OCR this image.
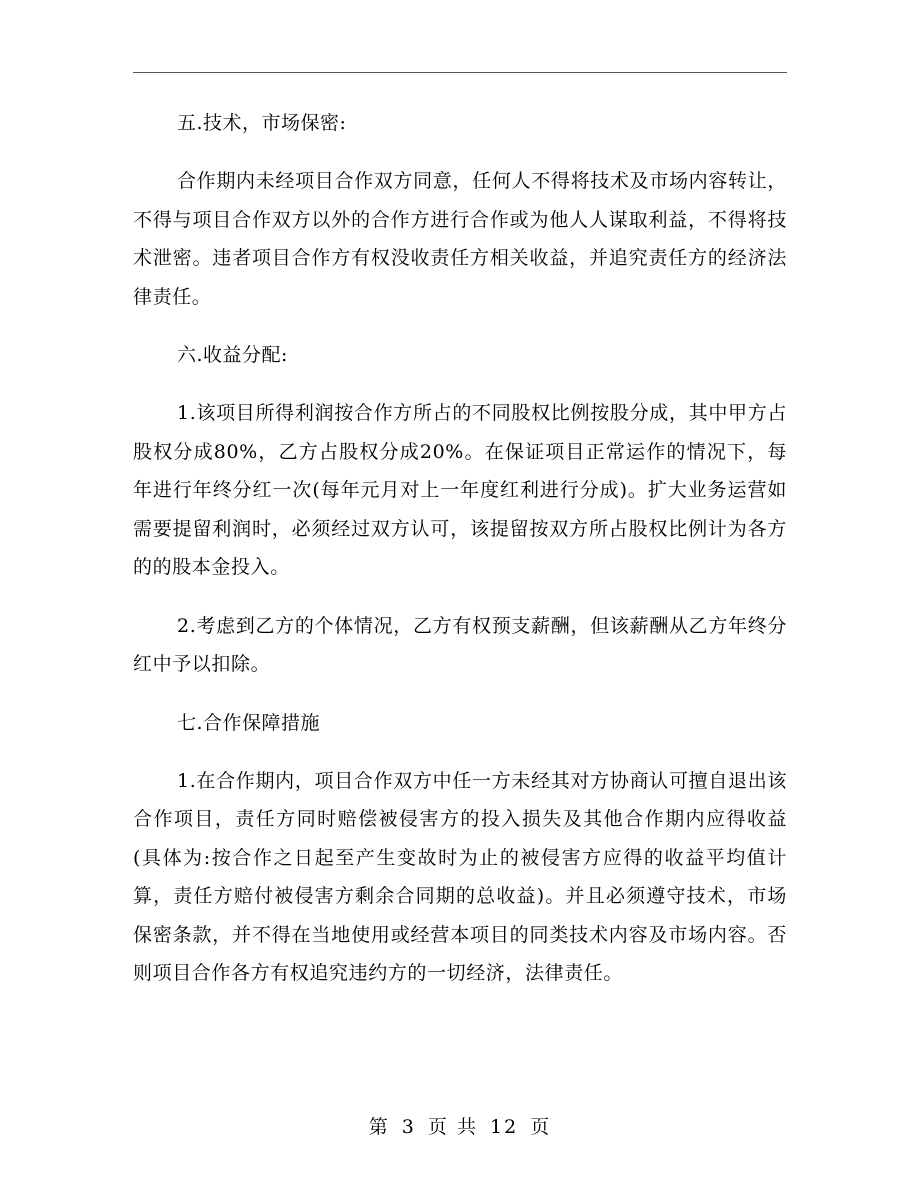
五.技术，市场保密:

合作期内未经项目合作双方同意，任何人不得将技术及市场内容转让，不得与项目合作双方以外的合作方进行合作或为他人人谋取利益，不得将技术泄密。违者项目合作方有权没收责任方相关收益，并追究责任方的经济法律责任。

六.收益分配:

1.该项目所得利润按合作方所占的不同股权比例按股分成，其中甲方占股权分成80%，乙方占股权分成20%。在保证项目正常运作的情况下，每年进行年终分红一次(每年元月对上一年度红利进行分成)。扩大业务运营如需要提留利润时，必须经过双方认可，该提留按双方所占股权比例计为各方的的股本金投入。

2.考虑到乙方的个体情况，乙方有权预支薪酬，但该薪酬从乙方年终分红中予以扣除。

七.合作保障措施

1.在合作期内，项目合作双方中任一方未经其对方协商认可擅自退出该合作项目，责任方同时赔偿被侵害方的投入损失及其他合作期内应得收益(具体为:按合作之日起至产生变故时为止的被侵害方应得的收益平均值计算，责任方赔付被侵害方剩余合同期的总收益)。并且必须遵守技术，市场保密条款，并不得在当地使用或经营本项目的同类技术内容及市场内容。否则项目合作各方有权追究违约方的一切经济，法律责任。

第 3 页 共 12 页
